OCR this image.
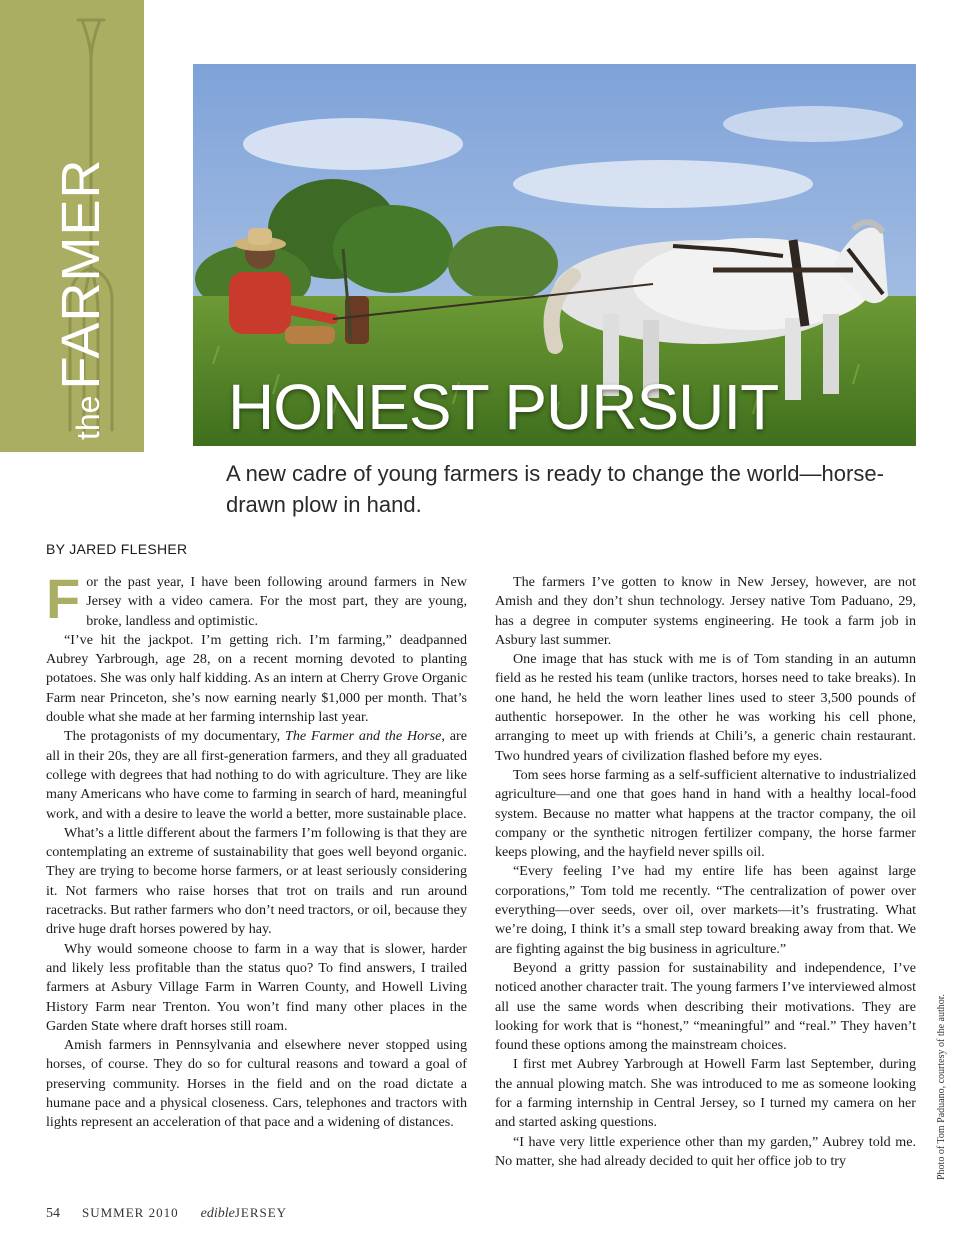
theFARMER
HONEST PURSUIT

A new cadre of young farmers is ready to change the world—horse-drawn plow in hand.

BY JARED FLESHER

For the past year, I have been following around farmers in New Jersey with a video camera. For the most part, they are young, broke, landless and optimistic.

“I’ve hit the jackpot. I’m getting rich. I’m farming,” deadpanned Aubrey Yarbrough, age 28, on a recent morning devoted to planting potatoes. She was only half kidding. As an intern at Cherry Grove Organic Farm near Princeton, she’s now earning nearly $1,000 per month. That’s double what she made at her farming internship last year.

The protagonists of my documentary, The Farmer and the Horse, are all in their 20s, they are all first-generation farmers, and they all graduated college with degrees that had nothing to do with agriculture. They are like many Americans who have come to farming in search of hard, meaningful work, and with a desire to leave the world a better, more sustainable place.

What’s a little different about the farmers I’m following is that they are contemplating an extreme of sustainability that goes well beyond organic. They are trying to become horse farmers, or at least seriously considering it. Not farmers who raise horses that trot on trails and run around racetracks. But rather farmers who don’t need tractors, or oil, because they drive huge draft horses powered by hay.

Why would someone choose to farm in a way that is slower, harder and likely less profitable than the status quo? To find answers, I trailed farmers at Asbury Village Farm in Warren County, and Howell Living History Farm near Trenton. You won’t find many other places in the Garden State where draft horses still roam.

Amish farmers in Pennsylvania and elsewhere never stopped using horses, of course. They do so for cultural reasons and toward a goal of preserving community. Horses in the field and on the road dictate a humane pace and a physical closeness. Cars, telephones and tractors with lights represent an acceleration of that pace and a widening of distances.

The farmers I’ve gotten to know in New Jersey, however, are not Amish and they don’t shun technology. Jersey native Tom Paduano, 29, has a degree in computer systems engineering. He took a farm job in Asbury last summer.

One image that has stuck with me is of Tom standing in an autumn field as he rested his team (unlike tractors, horses need to take breaks). In one hand, he held the worn leather lines used to steer 3,500 pounds of authentic horsepower. In the other he was working his cell phone, arranging to meet up with friends at Chili’s, a generic chain restaurant. Two hundred years of civilization flashed before my eyes.

Tom sees horse farming as a self-sufficient alternative to industrialized agriculture—and one that goes hand in hand with a healthy local-food system. Because no matter what happens at the tractor company, the oil company or the synthetic nitrogen fertilizer company, the horse farmer keeps plowing, and the hayfield never spills oil.

“Every feeling I’ve had my entire life has been against large corporations,” Tom told me recently. “The centralization of power over everything—over seeds, over oil, over markets—it’s frustrating. What we’re doing, I think it’s a small step toward breaking away from that. We are fighting against the big business in agriculture.”

Beyond a gritty passion for sustainability and independence, I’ve noticed another character trait. The young farmers I’ve interviewed almost all use the same words when describing their motivations. They are looking for work that is “honest,” “meaningful” and “real.” They haven’t found these options among the mainstream choices.

I first met Aubrey Yarbrough at Howell Farm last September, during the annual plowing match. She was introduced to me as someone looking for a farming internship in Central Jersey, so I turned my camera on her and started asking questions.

“I have very little experience other than my garden,” Aubrey told me. No matter, she had already decided to quit her office job to try	Photo of Tom Paduano, courtesy of the author.
54 SUMMER 2010 edibleJERSEY
